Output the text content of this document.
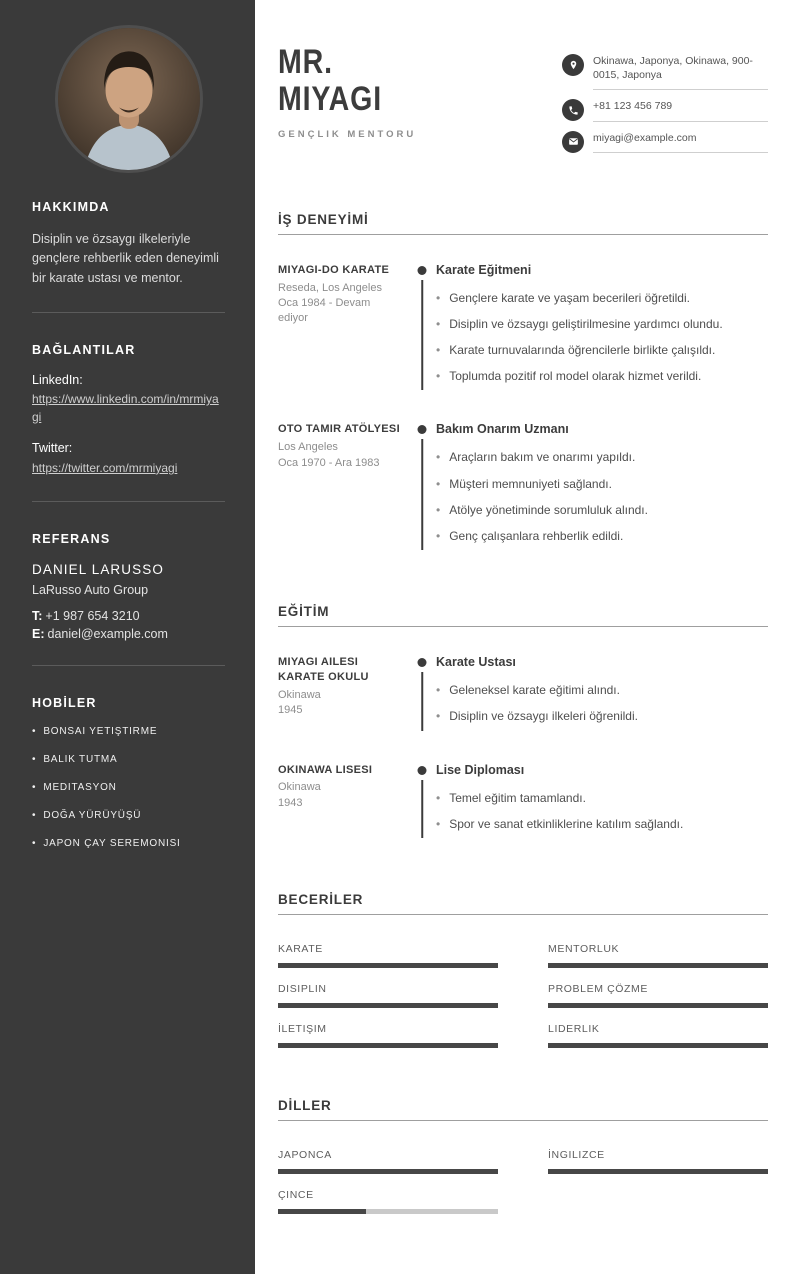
HAKKIMDA

Disiplin ve özsaygı ilkeleriyle gençlere rehberlik eden deneyimli bir karate ustası ve mentor.

BAĞLANTILAR
LinkedIn:
https://www.linkedin.com/in/mrmiyagi
Twitter:
https://twitter.com/mrmiyagi
REFERANS
DANIEL LARUSSO
LaRusso Auto Group
T: +1 987 654 3210
E: daniel@example.com
HOBİLER
• BONSAI YETIŞTIRME
• BALIK TUTMA
• MEDITASYON
• DOĞA YÜRÜYÜŞÜ
• JAPON ÇAY SEREMONISI
MR.
MIYAGI
GENÇLIK MENTORU
Okinawa, Japonya, Okinawa, 900-0015, Japonya
+81 123 456 789
miyagi@example.com
İŞ DENEYİMİ
MIYAGI-DO KARATE
Reseda, Los Angeles
Oca 1984 - Devam ediyor
Karate Eğitmeni
• Gençlere karate ve yaşam becerileri öğretildi.
• Disiplin ve özsaygı geliştirilmesine yardımcı olundu.
• Karate turnuvalarında öğrencilerle birlikte çalışıldı.
• Toplumda pozitif rol model olarak hizmet verildi.
OTO TAMIR ATÖLYESI
Los Angeles
Oca 1970 - Ara 1983
Bakım Onarım Uzmanı
• Araçların bakım ve onarımı yapıldı.
• Müşteri memnuniyeti sağlandı.
• Atölye yönetiminde sorumluluk alındı.
• Genç çalışanlara rehberlik edildi.
EĞİTİM
MIYAGI AILESI KARATE OKULU
Okinawa
1945
Karate Ustası
• Geleneksel karate eğitimi alındı.
• Disiplin ve özsaygı ilkeleri öğrenildi.
OKINAWA LISESI
Okinawa
1943
Lise Diploması
• Temel eğitim tamamlandı.
• Spor ve sanat etkinliklerine katılım sağlandı.
BECERİLER
KARATE	MENTORLUK
DISIPLIN	PROBLEM ÇÖZME
İLETIŞIM	LIDERLIK
DİLLER
JAPONCA	İNGILIZCE
ÇINCE
